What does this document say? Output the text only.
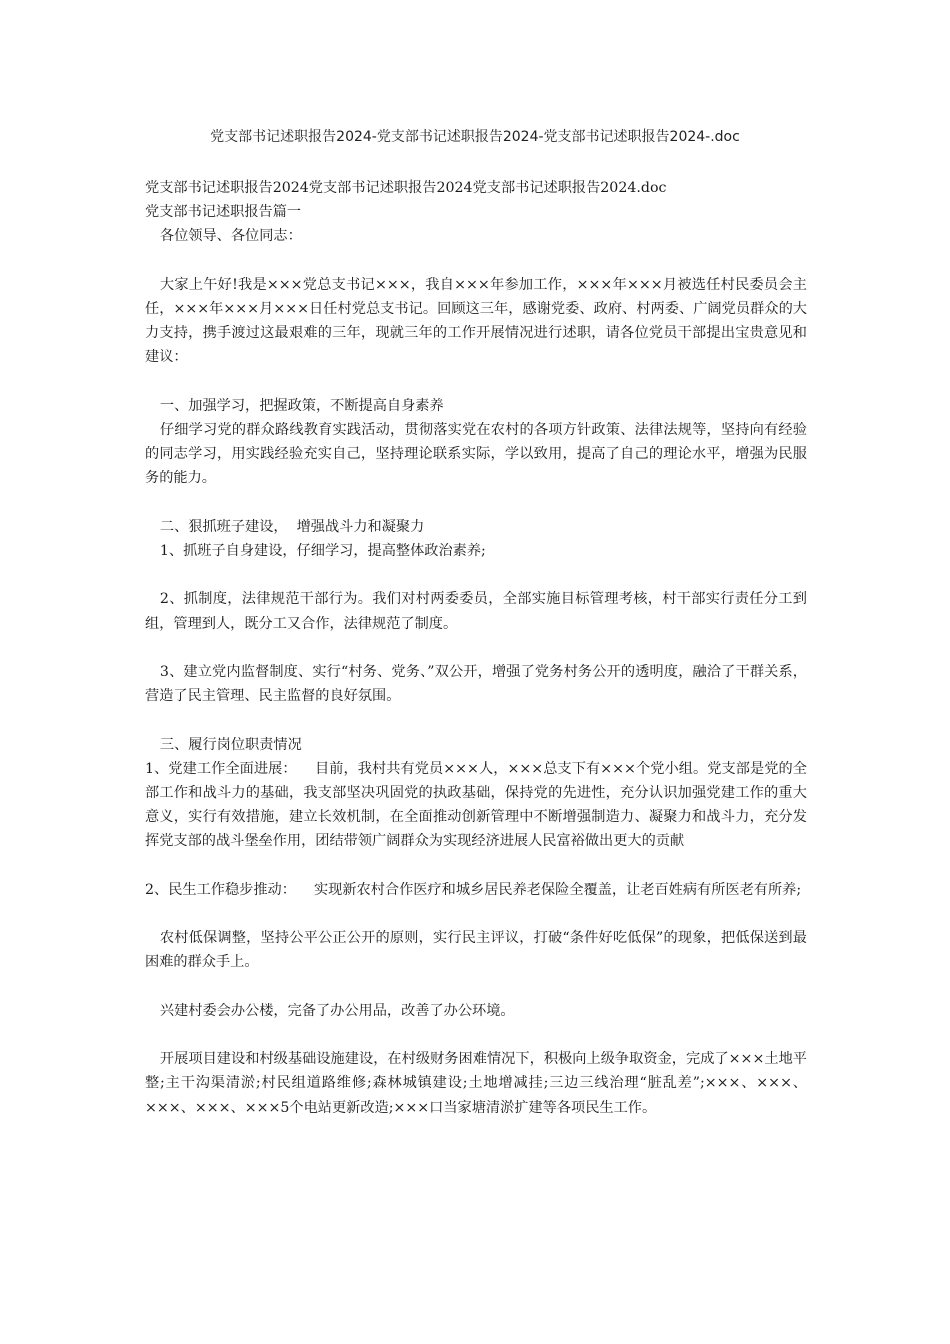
党支部书记述职报告2024-党支部书记述职报告2024-党支部书记述职报告2024-.doc

党支部书记述职报告2024党支部书记述职报告2024党支部书记述职报告2024.doc

党支部书记述职报告篇一

各位领导、各位同志：

大家上午好!我是×××党总支书记×××，我自×××年参加工作，×××年×××月被选任村民委员会主任，×××年×××月×××日任村党总支书记。回顾这三年，感谢党委、政府、村两委、广阔党员群众的大力支持，携手渡过这最艰难的三年，现就三年的工作开展情况进行述职，请各位党员干部提出宝贵意见和建议：

一、加强学习，把握政策，不断提高自身素养

仔细学习党的群众路线教育实践活动，贯彻落实党在农村的各项方针政策、法律法规等，坚持向有经验的同志学习，用实践经验充实自己，坚持理论联系实际，学以致用，提高了自己的理论水平，增强为民服务的能力。

二、狠抓班子建设，  增强战斗力和凝聚力

1、抓班子自身建设，仔细学习，提高整体政治素养;

2、抓制度，法律规范干部行为。我们对村两委委员，全部实施目标管理考核，村干部实行责任分工到组，管理到人，既分工又合作，法律规范了制度。

3、建立党内监督制度、实行“村务、党务、”双公开，增强了党务村务公开的透明度，融洽了干群关系，营造了民主管理、民主监督的良好氛围。

三、履行岗位职责情况

1、党建工作全面进展：    目前，我村共有党员×××人，×××总支下有×××个党小组。党支部是党的全部工作和战斗力的基础，我支部坚决巩固党的执政基础，保持党的先进性，充分认识加强党建工作的重大意义，实行有效措施，建立长效机制，在全面推动创新管理中不断增强制造力、凝聚力和战斗力，充分发挥党支部的战斗堡垒作用，团结带领广阔群众为实现经济进展人民富裕做出更大的贡献

2、民生工作稳步推动：    实现新农村合作医疗和城乡居民养老保险全覆盖，让老百姓病有所医老有所养;

农村低保调整，坚持公平公正公开的原则，实行民主评议，打破“条件好吃低保”的现象，把低保送到最困难的群众手上。

兴建村委会办公楼，完备了办公用品，改善了办公环境。

开展项目建设和村级基础设施建设，在村级财务困难情况下，积极向上级争取资金，完成了×××土地平整;主干沟渠清淤;村民组道路维修;森林城镇建设;土地增减挂;三边三线治理“脏乱差”;×××、×××、×××、×××、×××5个电站更新改造;×××口当家塘清淤扩建等各项民生工作。
